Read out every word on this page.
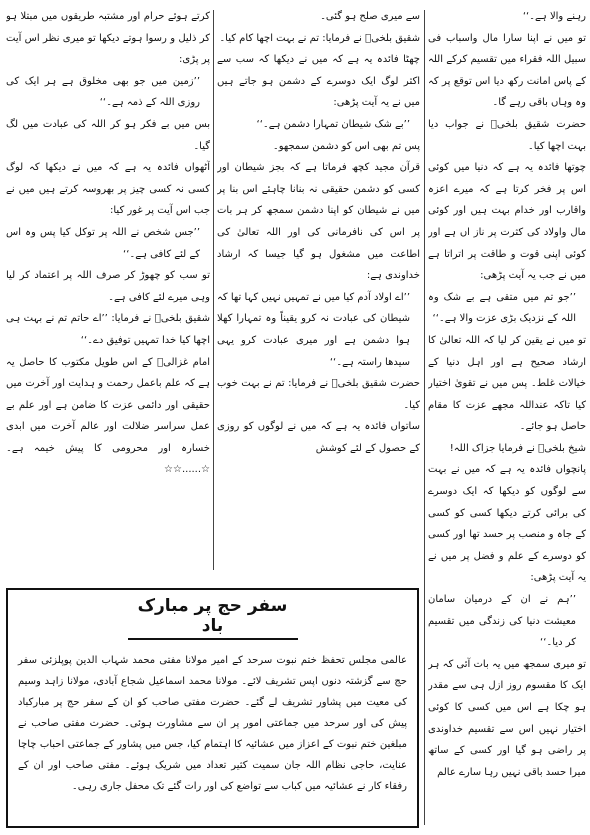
رہنے والا ہے۔‘‘

تو میں نے اپنا سارا مال واسباب فی سبیل اللہ فقراء میں تقسیم کرکے اللہ کے پاس امانت رکھ دیا اس توقع پر کہ وہ وہاں باقی رہے گا۔

حضرت شقیق بلخیؒ نے جواب دیا بہت اچھا کیا۔

چوتھا فائدہ یہ ہے کہ دنیا میں کوئی اس پر فخر کرتا ہے کہ میرے اعزہ واقارب اور خدام بہت ہیں اور کوئی مال واولاد کی کثرت پر ناز اں ہے اور کوئی اپنی قوت و طاقت پر اتراتا ہے میں نے جب یہ آیت پڑھی:

’’جو تم میں متقی ہے بے شک وہ اللہ کے نزدیک بڑی عزت والا ہے۔‘‘

تو میں نے یقین کر لیا کہ اللہ تعالیٰ کا ارشاد صحیح ہے اور اہل دنیا کے خیالات غلط۔ پس میں نے تقویٰ اختیار کیا تاکہ عنداللہ مجھے عزت کا مقام حاصل ہو جائے۔

شیخ بلخیؒ نے فرمایا جزاک اللہ!

پانچواں فائدہ یہ ہے کہ میں نے بہت سے لوگوں کو دیکھا کہ ایک دوسرے کی برائی کرتے دیکھا کسی کو کسی کے جاہ و منصب پر حسد تھا اور کسی کو دوسرے کے علم و فضل پر میں نے یہ آیت پڑھی:

’’ہم نے ان کے درمیان سامان معیشت دنیا کی زندگی میں تقسیم کر دیا۔‘‘

تو میری سمجھ میں یہ بات آئی کہ ہر ایک کا مقسوم روز ازل ہی سے مقدر ہو چکا ہے اس میں کسی کا کوئی اختیار نہیں اس سے تقسیم خداوندی پر راضی ہو گیا اور کسی کے ساتھ میرا حسد باقی نہیں رہا سارے عالم

سے میری صلح ہو گئی۔

شقیق بلخیؒ نے فرمایا: تم نے بہت اچھا کام کیا۔

چھٹا فائدہ یہ ہے کہ میں نے دیکھا کہ سب سے اکثر لوگ ایک دوسرے کے دشمن ہو جاتے ہیں میں نے یہ آیت پڑھی:

’’بے شک شیطان تمہارا دشمن ہے۔‘‘

پس تم بھی اس کو دشمن سمجھو۔

قرآن مجید کچھ فرماتا ہے کہ بجز شیطان اور کسی کو دشمن حقیقی نہ بنانا چاہئے اس بنا پر میں نے شیطان کو اپنا دشمن سمجھ کر ہر بات پر اس کی نافرمانی کی اور اللہ تعالیٰ کی اطاعت میں مشغول ہو گیا جیسا کہ ارشاد خداوندی ہے:

’’اے اولاد آدم کیا میں نے تمہیں نہیں کہا تھا کہ شیطان کی عبادت نہ کرو یقیناً وہ تمہارا کھلا ہوا دشمن ہے اور میری عبادت کرو یہی سیدھا راستہ ہے۔‘‘

حضرت شقیق بلخیؒ نے فرمایا: تم نے بہت خوب کیا۔

ساتواں فائدہ یہ ہے کہ میں نے لوگوں کو روزی کے حصول کے لئے کوشش

کرتے ہوئے حرام اور مشتبہ طریقوں میں مبتلا ہو کر ذلیل و رسوا ہوتے دیکھا تو میری نظر اس آیت پر پڑی:

’’زمین میں جو بھی مخلوق ہے ہر ایک کی روزی اللہ کے ذمہ ہے۔‘‘

بس میں بے فکر ہو کر اللہ کی عبادت میں لگ گیا۔

آٹھواں فائدہ یہ ہے کہ میں نے دیکھا کہ لوگ کسی نہ کسی چیز پر بھروسہ کرتے ہیں میں نے جب اس آیت پر غور کیا:

’’جس شخص نے اللہ پر توکل کیا پس وہ اس کے لئے کافی ہے۔‘‘

تو سب کو چھوڑ کر صرف اللہ پر اعتماد کر لیا وہی میرے لئے کافی ہے۔

شقیق بلخیؒ نے فرمایا: ’’اے حاتم تم نے بہت ہی اچھا کیا خدا تمہیں توفیق دے۔‘‘

امام غزالیؒ کے اس طویل مکتوب کا حاصل یہ ہے کہ علم باعمل رحمت و ہدایت اور آخرت میں حقیقی اور دائمی عزت کا ضامن ہے اور علم بے عمل سراسر ضلالت اور عالم آخرت میں ابدی خسارہ اور محرومی کا پیش خیمہ ہے۔ ☆......☆☆

سفر حج پر مبارک باد

عالمی مجلس تحفظ ختم نبوت سرحد کے امیر مولانا مفتی محمد شہاب الدین پوپلزئی سفر حج سے گزشتہ دنوں اپس تشریف لائے۔ مولانا محمد اسماعیل شجاع آبادی، مولانا زاہد وسیم کی معیت میں پشاور تشریف لے گئے۔ حضرت مفتی صاحب کو ان کے سفر حج پر مبارکباد پیش کی اور سرحد میں جماعتی امور پر ان سے مشاورت ہوئی۔ حضرت مفتی صاحب نے مبلغین ختم نبوت کے اعزاز میں عشائیہ کا اہتمام کیا، جس میں پشاور کے جماعتی احباب چاچا عنایت، حاجی نظام اللہ جان سمیت کثیر تعداد میں شریک ہوئے۔ مفتی صاحب اور ان کے رفقاء کار نے عشائیہ میں کباب سے تواضع کی اور رات گئے تک محفل جاری رہی۔
